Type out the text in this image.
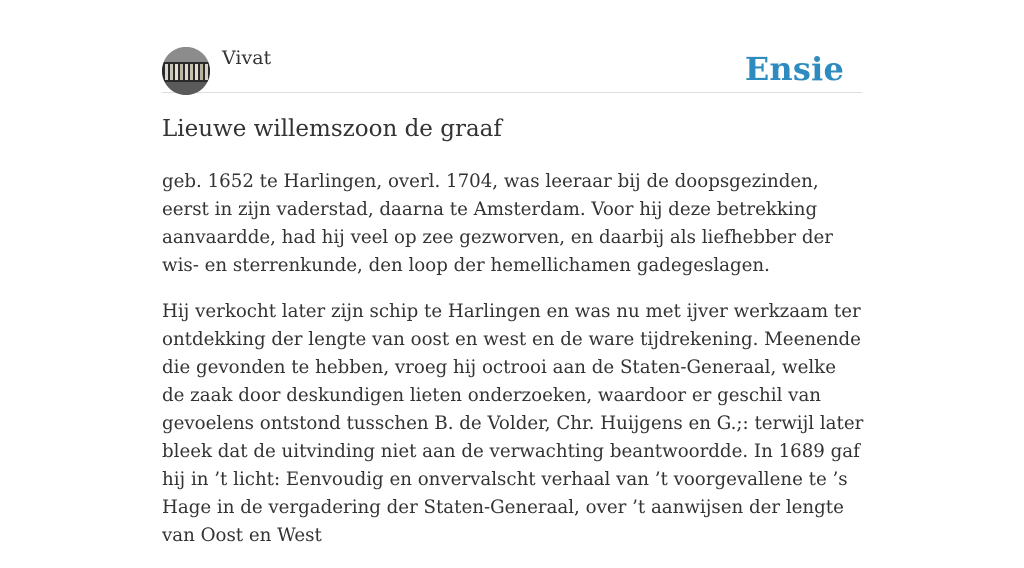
Vivat	Ensie
Lieuwe willemszoon de graaf

geb. 1652 te Harlingen, overl. 1704, was leeraar bij de doopsgezinden, eerst in zijn vaderstad, daarna te Amsterdam. Voor hij deze betrekking aanvaardde, had hij veel op zee gezworven, en daarbij als liefhebber der wis- en sterrenkunde, den loop der hemellichamen gadegeslagen.

Hij verkocht later zijn schip te Harlingen en was nu met ijver werkzaam ter ontdekking der lengte van oost en west en de ware tijdrekening. Meenende die gevonden te hebben, vroeg hij octrooi aan de Staten-Generaal, welke de zaak door deskundigen lieten onderzoeken, waardoor er geschil van gevoelens ontstond tusschen B. de Volder, Chr. Huijgens en G.;: terwijl later bleek dat de uitvinding niet aan de verwachting beantwoordde. In 1689 gaf hij in ’t licht: Eenvoudig en onvervalscht verhaal van ’t voorgevallene te ’s Hage in de vergadering der Staten-Generaal, over ’t aanwijsen der lengte van Oost en West
